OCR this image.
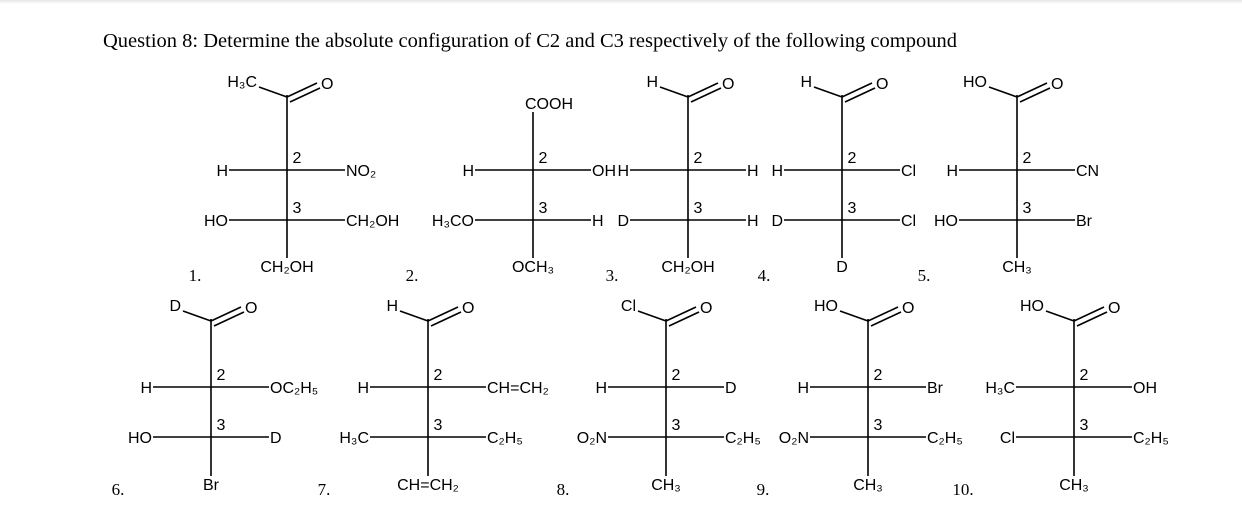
Question 8: Determine the absolute configuration of C2 and C3 respectively of the following compound
H₃C	O
2
3
H	NO₂
HO	CH₂OH
CH₂OH
1.
COOH
2
3
H	OH
H₃CO	H
OCH₃
2.
H	O
2
3
H	H
D	H
CH₂OH
3.
H	O
2
3
H	Cl
D	Cl
D
4.
HO	O
2
3
H	CN
HO	Br
CH₃
5.
D	O
2
3
H	OC₂H₅
HO	D
Br
6.
H	O
2
3
H	CH=CH₂
H₃C	C₂H₅
CH=CH₂
7.
Cl	O
2
3
H	D
O₂N	C₂H₅
CH₃
8.
HO	O
2
3
H	Br
O₂N	C₂H₅
CH₃
9.
HO	O
2
3
H₃C	OH
Cl	C₂H₅
CH₃
10.
